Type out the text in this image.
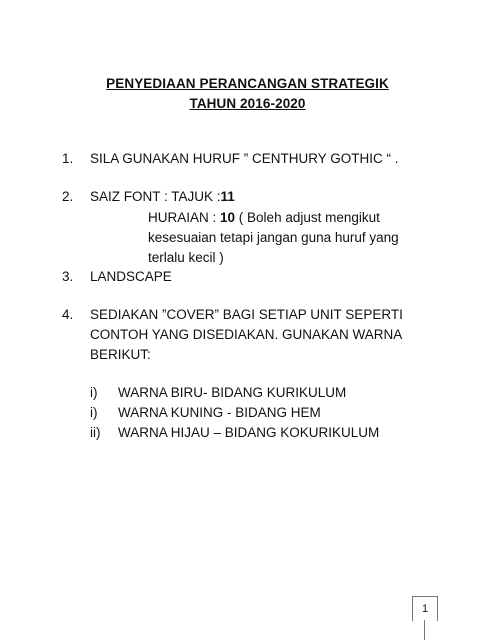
PENYEDIAAN PERANCANGAN STRATEGIK
TAHUN 2016-2020
1. SILA GUNAKAN HURUF ” CENTHURY GOTHIC “ .
2. SAIZ FONT : TAJUK :11
HURAIAN : 10 ( Boleh adjust mengikut
kesesuaian tetapi jangan guna huruf yang
terlalu kecil )
3. LANDSCAPE
4. SEDIAKAN ”COVER” BAGI SETIAP UNIT SEPERTI
CONTOH YANG DISEDIAKAN. GUNAKAN WARNA
BERIKUT:
i) WARNA BIRU- BIDANG KURIKULUM
i) WARNA KUNING - BIDANG HEM
ii) WARNA HIJAU – BIDANG KOKURIKULUM
1
